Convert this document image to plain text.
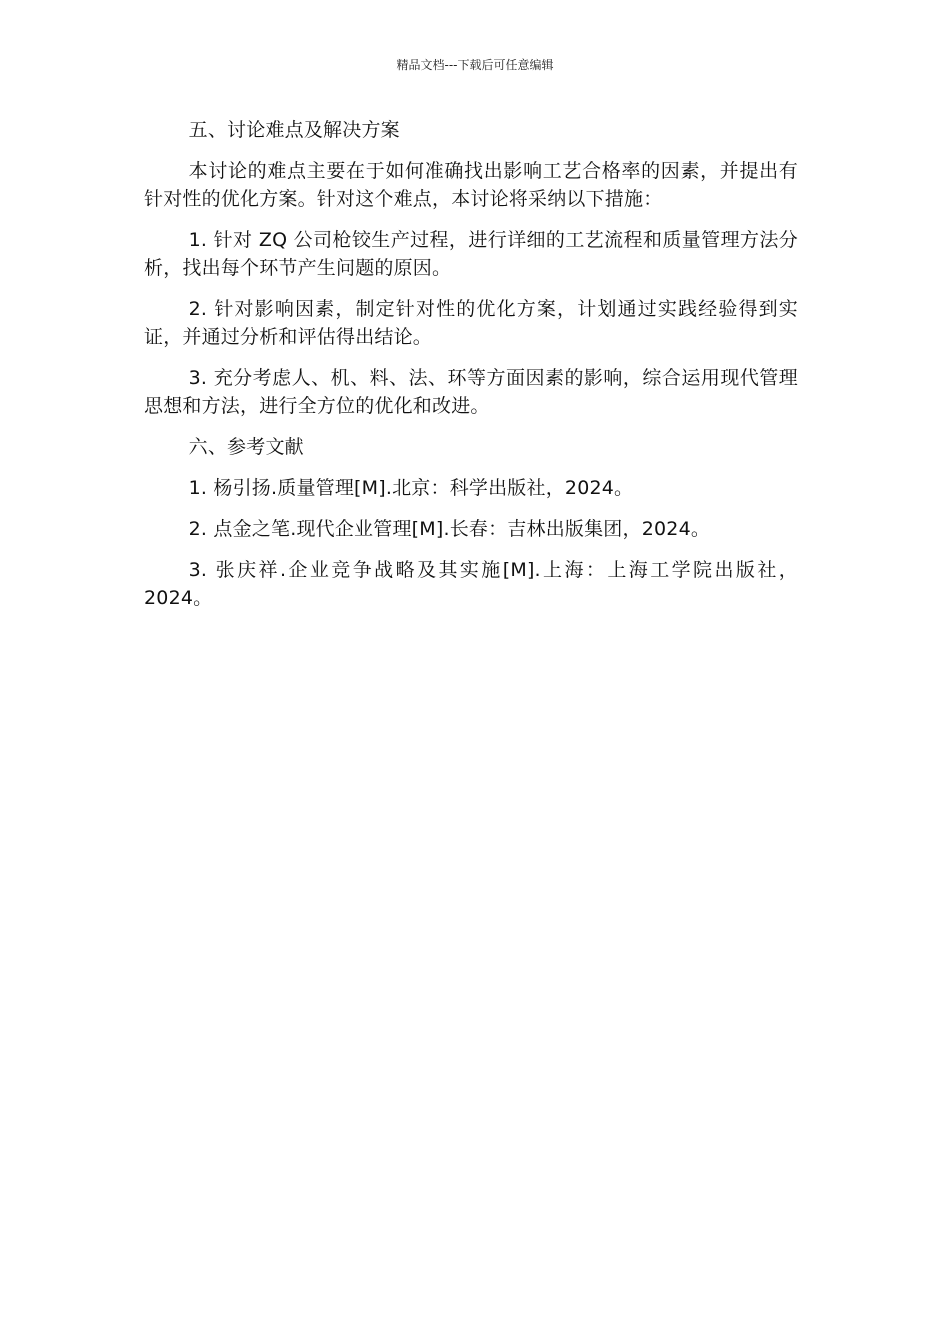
精品文档---下载后可任意编辑

五、讨论难点及解决方案

本讨论的难点主要在于如何准确找出影响工艺合格率的因素，并提出有针对性的优化方案。针对这个难点，本讨论将采纳以下措施：

1. 针对 ZQ 公司枪铰生产过程，进行详细的工艺流程和质量管理方法分析，找出每个环节产生问题的原因。

2. 针对影响因素，制定针对性的优化方案，计划通过实践经验得到实证，并通过分析和评估得出结论。

3. 充分考虑人、机、料、法、环等方面因素的影响，综合运用现代管理思想和方法，进行全方位的优化和改进。

六、参考文献

1. 杨引扬.质量管理[M].北京：科学出版社，2024。

2. 点金之笔.现代企业管理[M].长春：吉林出版集团，2024。

3. 张庆祥.企业竞争战略及其实施[M].上海：上海工学院出版社，2024。
